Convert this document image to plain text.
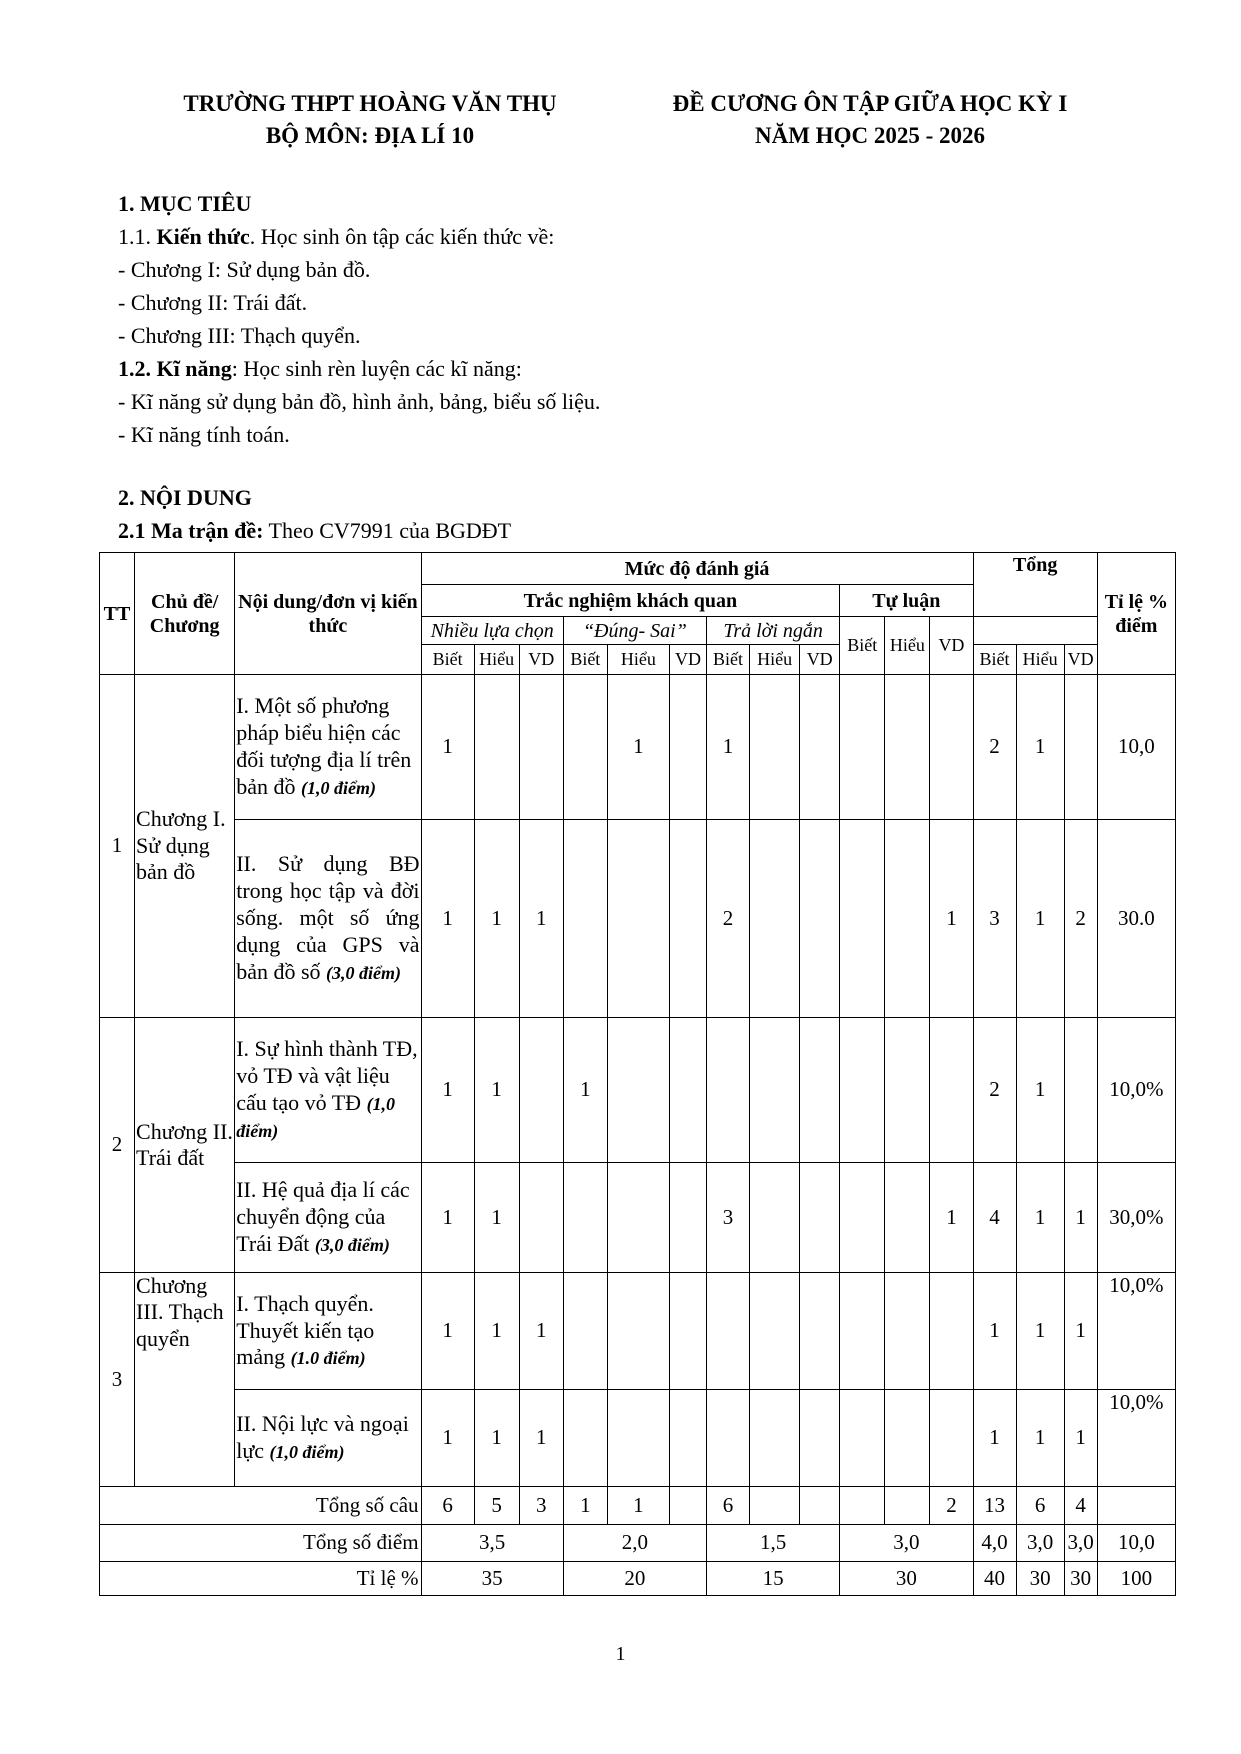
TRƯỜNG THPT HOÀNG VĂN THỤ
BỘ MÔN: ĐỊA LÍ 10
ĐỀ CƯƠNG ÔN TẬP GIỮA HỌC KỲ I
NĂM HỌC 2025 - 2026
1. MỤC TIÊU
1.1. Kiến thức. Học sinh ôn tập các kiến thức về:
- Chương I: Sử dụng bản đồ.
- Chương II: Trái đất.
- Chương III: Thạch quyển.
1.2. Kĩ năng: Học sinh rèn luyện các kĩ năng:
- Kĩ năng sử dụng bản đồ, hình ảnh, bảng, biểu số liệu.
- Kĩ năng tính toán.
2. NỘI DUNG
2.1 Ma trận đề: Theo CV7991 của BGDĐT
TT	Chủ đề/ Chương	Nội dung/đơn vị kiến thức	Mức độ đánh giá												Tổng			Tỉ lệ % điểm
			Trắc nghiệm khách quan									Tự luận						
			Nhiều lựa chọn			“Đúng- Sai”			Trả lời ngắn			Biết	Hiểu	VD				
			Biết	Hiểu	VD	Biết	Hiểu	VD	Biết	Hiểu	VD				Biết	Hiểu	VD	
1	Chương I. Sử dụng bản đồ	I. Một số phương pháp biểu hiện các đối tượng địa lí trên bản đồ (1,0 điểm)	1				1		1						2	1		10,0
		II. Sử dụng BĐ trong học tập và đời sống. một số ứng dụng của GPS và bản đồ số (3,0 điểm)	1	1	1				2					1	3	1	2	30.0
2	Chương II. Trái đất	I. Sự hình thành TĐ, vỏ TĐ và vật liệu cấu tạo vỏ TĐ (1,0 điểm)	1	1		1									2	1		10,0%
		II. Hệ quả địa lí các chuyển động của Trái Đất (3,0 điểm)	1	1					3					1	4	1	1	30,0%
3	Chương III. Thạch quyển	I. Thạch quyển. Thuyết kiến tạo mảng (1.0 điểm)	1	1	1										1	1	1	10,0%
		II. Nội lực và ngoại lực (1,0 điểm)	1	1	1										1	1	1	10,0%
Tổng số câu			6	5	3	1	1		6					2	13	6	4	
Tổng số điểm			3,5			2,0			1,5			3,0			4,0	3,0	3,0	10,0
Tỉ lệ %			35			20			15			30			40	30	30	100
1
